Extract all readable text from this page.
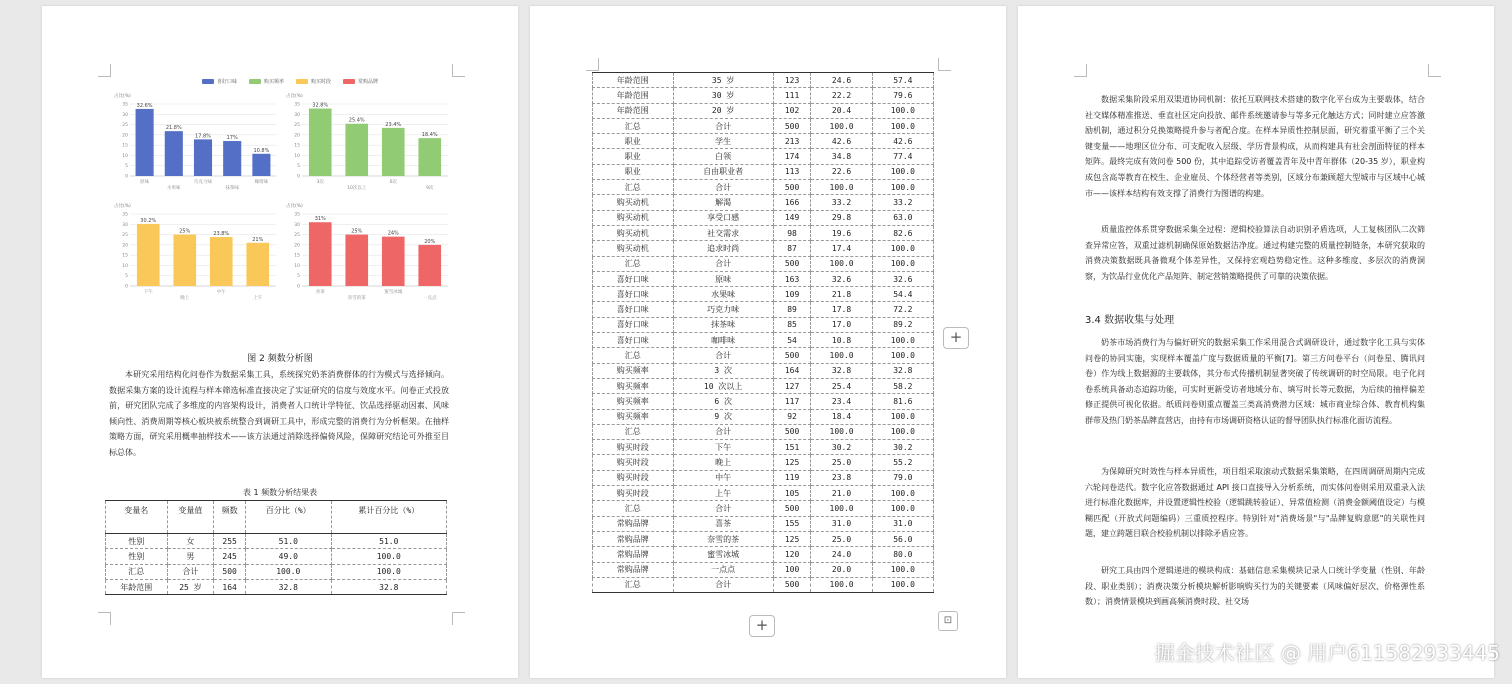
喜好口味	购买频率	购买时段	常购品牌
占比(%)
0
5
10
15
20
25
30
35 32.6%
原味
21.8%
水果味
17.8%
巧克力味
17%
抹茶味
10.8%
咖啡味
占比(%)
0
5
10
15
20
25
30
35 32.8%
3次
25.4%
10次以上
23.4%
6次
18.4%
9次
占比(%)
0
5
10
15
20
25
30
35
30.2%
下午
25%
晚上
23.8%
中午
21%
上午
占比(%)
0
5
10
15
20
25
30
35
31%
喜茶
25%
奈雪的茶
24%
蜜雪冰城
20%
一点点
图 2 频数分析图

本研究采用结构化问卷作为数据采集工具，系统探究奶茶消费群体的行为模式与选择倾向。数据采集方案的设计流程与样本筛选标准直接决定了实证研究的信度与效度水平。问卷正式投放前，研究团队完成了多维度的内容架构设计，消费者人口统计学特征、饮品选择驱动因素、风味倾向性、消费周期等核心板块被系统整合到调研工具中，形成完整的消费行为分析框架。在抽样策略方面，研究采用概率抽样技术——该方法通过消除选择偏倚风险，保障研究结论可外推至目标总体。

表 1 频数分析结果表
变量名	变量值	频数	百分比（%）	累计百分比（%）
性别	女	255	51.0	51.0
性别	男	245	49.0	100.0
汇总	合计	500	100.0	100.0
年龄范围	25 岁	164	32.8	32.8
年龄范围	35 岁	123	24.6	57.4
年龄范围	30 岁	111	22.2	79.6
年龄范围	20 岁	102	20.4	100.0
汇总	合计	500	100.0	100.0
职业	学生	213	42.6	42.6
职业	白领	174	34.8	77.4
职业	自由职业者	113	22.6	100.0
汇总	合计	500	100.0	100.0
购买动机	解渴	166	33.2	33.2
购买动机	享受口感	149	29.8	63.0
购买动机	社交需求	98	19.6	82.6
购买动机	追求时尚	87	17.4	100.0
汇总	合计	500	100.0	100.0
喜好口味	原味	163	32.6	32.6
喜好口味	水果味	109	21.8	54.4
喜好口味	巧克力味	89	17.8	72.2
喜好口味	抹茶味	85	17.0	89.2
喜好口味	咖啡味	54	10.8	100.0
汇总	合计	500	100.0	100.0
购买频率	3 次	164	32.8	32.8
购买频率	10 次以上	127	25.4	58.2
购买频率	6 次	117	23.4	81.6
购买频率	9 次	92	18.4	100.0
汇总	合计	500	100.0	100.0
购买时段	下午	151	30.2	30.2
购买时段	晚上	125	25.0	55.2
购买时段	中午	119	23.8	79.0
购买时段	上午	105	21.0	100.0
汇总	合计	500	100.0	100.0
常购品牌	喜茶	155	31.0	31.0
常购品牌	奈雪的茶	125	25.0	56.0
常购品牌	蜜雪冰城	120	24.0	80.0
常购品牌	一点点	100	20.0	100.0
汇总	合计	500	100.0	100.0
+	⊡

数据采集阶段采用双渠道协同机制：依托互联网技术搭建的数字化平台成为主要载体，结合社交媒体精准推送、垂直社区定向投放、邮件系统邀请参与等多元化触达方式；同时建立应答激励机制，通过积分兑换策略提升参与者配合度。在样本异质性控制层面，研究着重平衡了三个关键变量——地理区位分布、可支配收入层级、学历背景构成，从而构建具有社会剖面特征的样本矩阵。最终完成有效问卷 500 份，其中追踪受访者覆盖青年及中青年群体（20-35 岁），职业构成包含高等教育在校生、企业雇员、个体经营者等类别，区域分布兼顾超大型城市与区域中心城市——该样本结构有效支撑了消费行为图谱的构建。

质量监控体系贯穿数据采集全过程：逻辑校验算法自动识别矛盾选项，人工复核团队二次筛查异常应答，双重过滤机制确保原始数据洁净度。通过构建完整的质量控制链条，本研究获取的消费决策数据既具备微观个体差异性，又保持宏观趋势稳定性。这种多维度、多层次的消费洞察，为饮品行业优化产品矩阵、制定营销策略提供了可靠的决策依据。

3.4 数据收集与处理

奶茶市场消费行为与偏好研究的数据采集工作采用混合式调研设计，通过数字化工具与实体问卷的协同实施，实现样本覆盖广度与数据质量的平衡[7]。第三方问卷平台（问卷星、腾讯问卷）作为线上数据源的主要载体，其分布式传播机制显著突破了传统调研的时空局限。电子化问卷系统具备动态追踪功能，可实时更新受访者地域分布、填写时长等元数据，为后续的抽样偏差修正提供可视化依据。纸质问卷则重点覆盖三类高消费潜力区域：城市商业综合体、教育机构集群带及热门奶茶品牌直营店，由持有市场调研资格认证的督导团队执行标准化面访流程。

为保障研究时效性与样本异质性，项目组采取滚动式数据采集策略，在四周调研周期内完成六轮问卷迭代。数字化应答数据通过 API 接口直接导入分析系统，而实体问卷则采用双重录入法进行标准化数据库，并设置逻辑性校验（逻辑跳转验证）、异常值检测（消费金额阈值设定）与模糊匹配（开放式问题编码）三重质控程序。特别针对"消费场景"与"品牌复购意愿"的关联性问题，建立跨题目联合校验机制以排除矛盾应答。

研究工具由四个逻辑递进的模块构成：基础信息采集模块记录人口统计学变量（性别、年龄段、职业类别）；消费决策分析模块解析影响购买行为的关键要素（风味偏好层次、价格弹性系数）；消费情景模块到画高频消费时段、社交场

+
掘金技术社区 @ 用户611582933445
